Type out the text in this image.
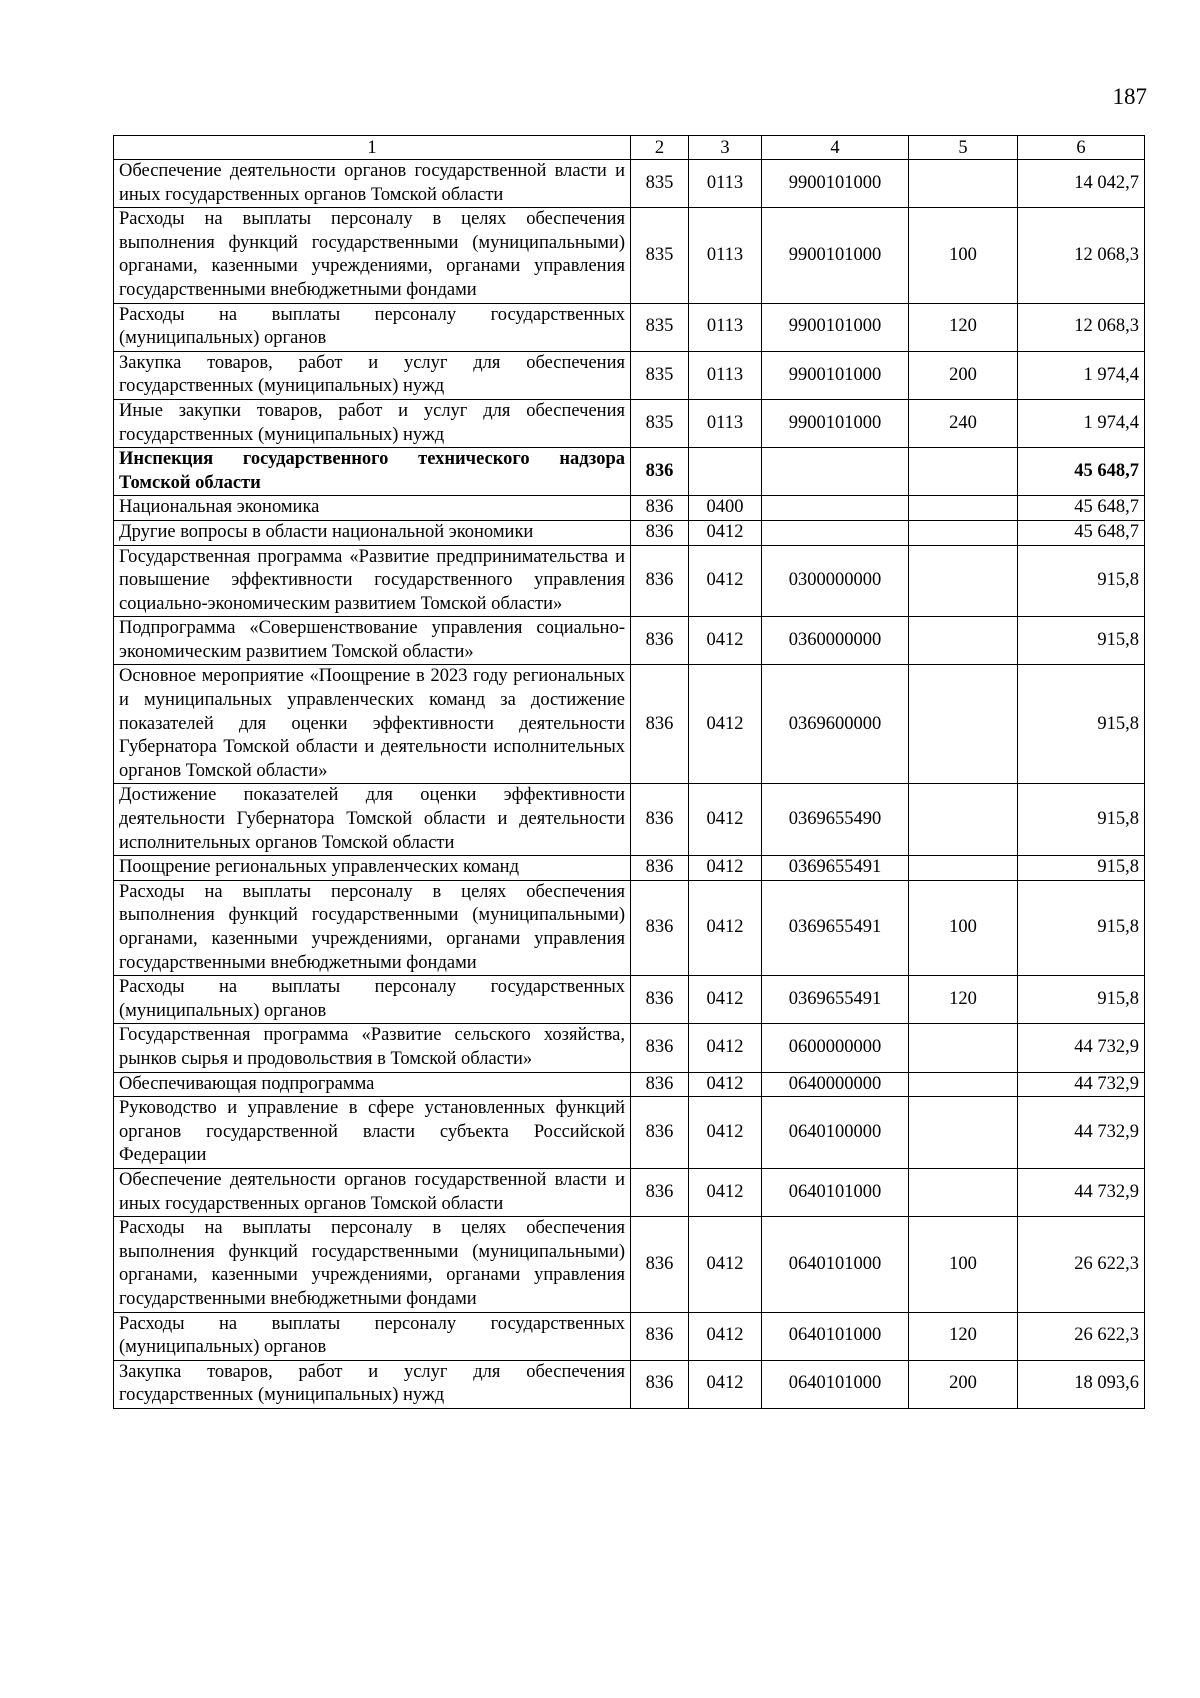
187
1	2	3	4	5	6
Обеспечение деятельности органов государственной власти и иных государственных органов Томской области	835	0113	9900101000		14 042,7
Расходы на выплаты персоналу в целях обеспечения выполнения функций государственными (муниципальными) органами, казенными учреждениями, органами управления государственными внебюджетными фондами	835	0113	9900101000	100	12 068,3
Расходы на выплаты персоналу государственных (муниципальных) органов	835	0113	9900101000	120	12 068,3
Закупка товаров, работ и услуг для обеспечения государственных (муниципальных) нужд	835	0113	9900101000	200	1 974,4
Иные закупки товаров, работ и услуг для обеспечения государственных (муниципальных) нужд	835	0113	9900101000	240	1 974,4
Инспекция государственного технического надзора Томской области	836				45 648,7
Национальная экономика	836	0400			45 648,7
Другие вопросы в области национальной экономики	836	0412			45 648,7
Государственная программа «Развитие предпринимательства и повышение эффективности государственного управления социально-экономическим развитием Томской области»	836	0412	0300000000		915,8
Подпрограмма «Совершенствование управления социально-экономическим развитием Томской области»	836	0412	0360000000		915,8
Основное мероприятие «Поощрение в 2023 году региональных и муниципальных управленческих команд за достижение показателей для оценки эффективности деятельности Губернатора Томской области и деятельности исполнительных органов Томской области»	836	0412	0369600000		915,8
Достижение показателей для оценки эффективности деятельности Губернатора Томской области и деятельности исполнительных органов Томской области	836	0412	0369655490		915,8
Поощрение региональных управленческих команд	836	0412	0369655491		915,8
Расходы на выплаты персоналу в целях обеспечения выполнения функций государственными (муниципальными) органами, казенными учреждениями, органами управления государственными внебюджетными фондами	836	0412	0369655491	100	915,8
Расходы на выплаты персоналу государственных (муниципальных) органов	836	0412	0369655491	120	915,8
Государственная программа «Развитие сельского хозяйства, рынков сырья и продовольствия в Томской области»	836	0412	0600000000		44 732,9
Обеспечивающая подпрограмма	836	0412	0640000000		44 732,9
Руководство и управление в сфере установленных функций органов государственной власти субъекта Российской Федерации	836	0412	0640100000		44 732,9
Обеспечение деятельности органов государственной власти и иных государственных органов Томской области	836	0412	0640101000		44 732,9
Расходы на выплаты персоналу в целях обеспечения выполнения функций государственными (муниципальными) органами, казенными учреждениями, органами управления государственными внебюджетными фондами	836	0412	0640101000	100	26 622,3
Расходы на выплаты персоналу государственных (муниципальных) органов	836	0412	0640101000	120	26 622,3
Закупка товаров, работ и услуг для обеспечения государственных (муниципальных) нужд	836	0412	0640101000	200	18 093,6
